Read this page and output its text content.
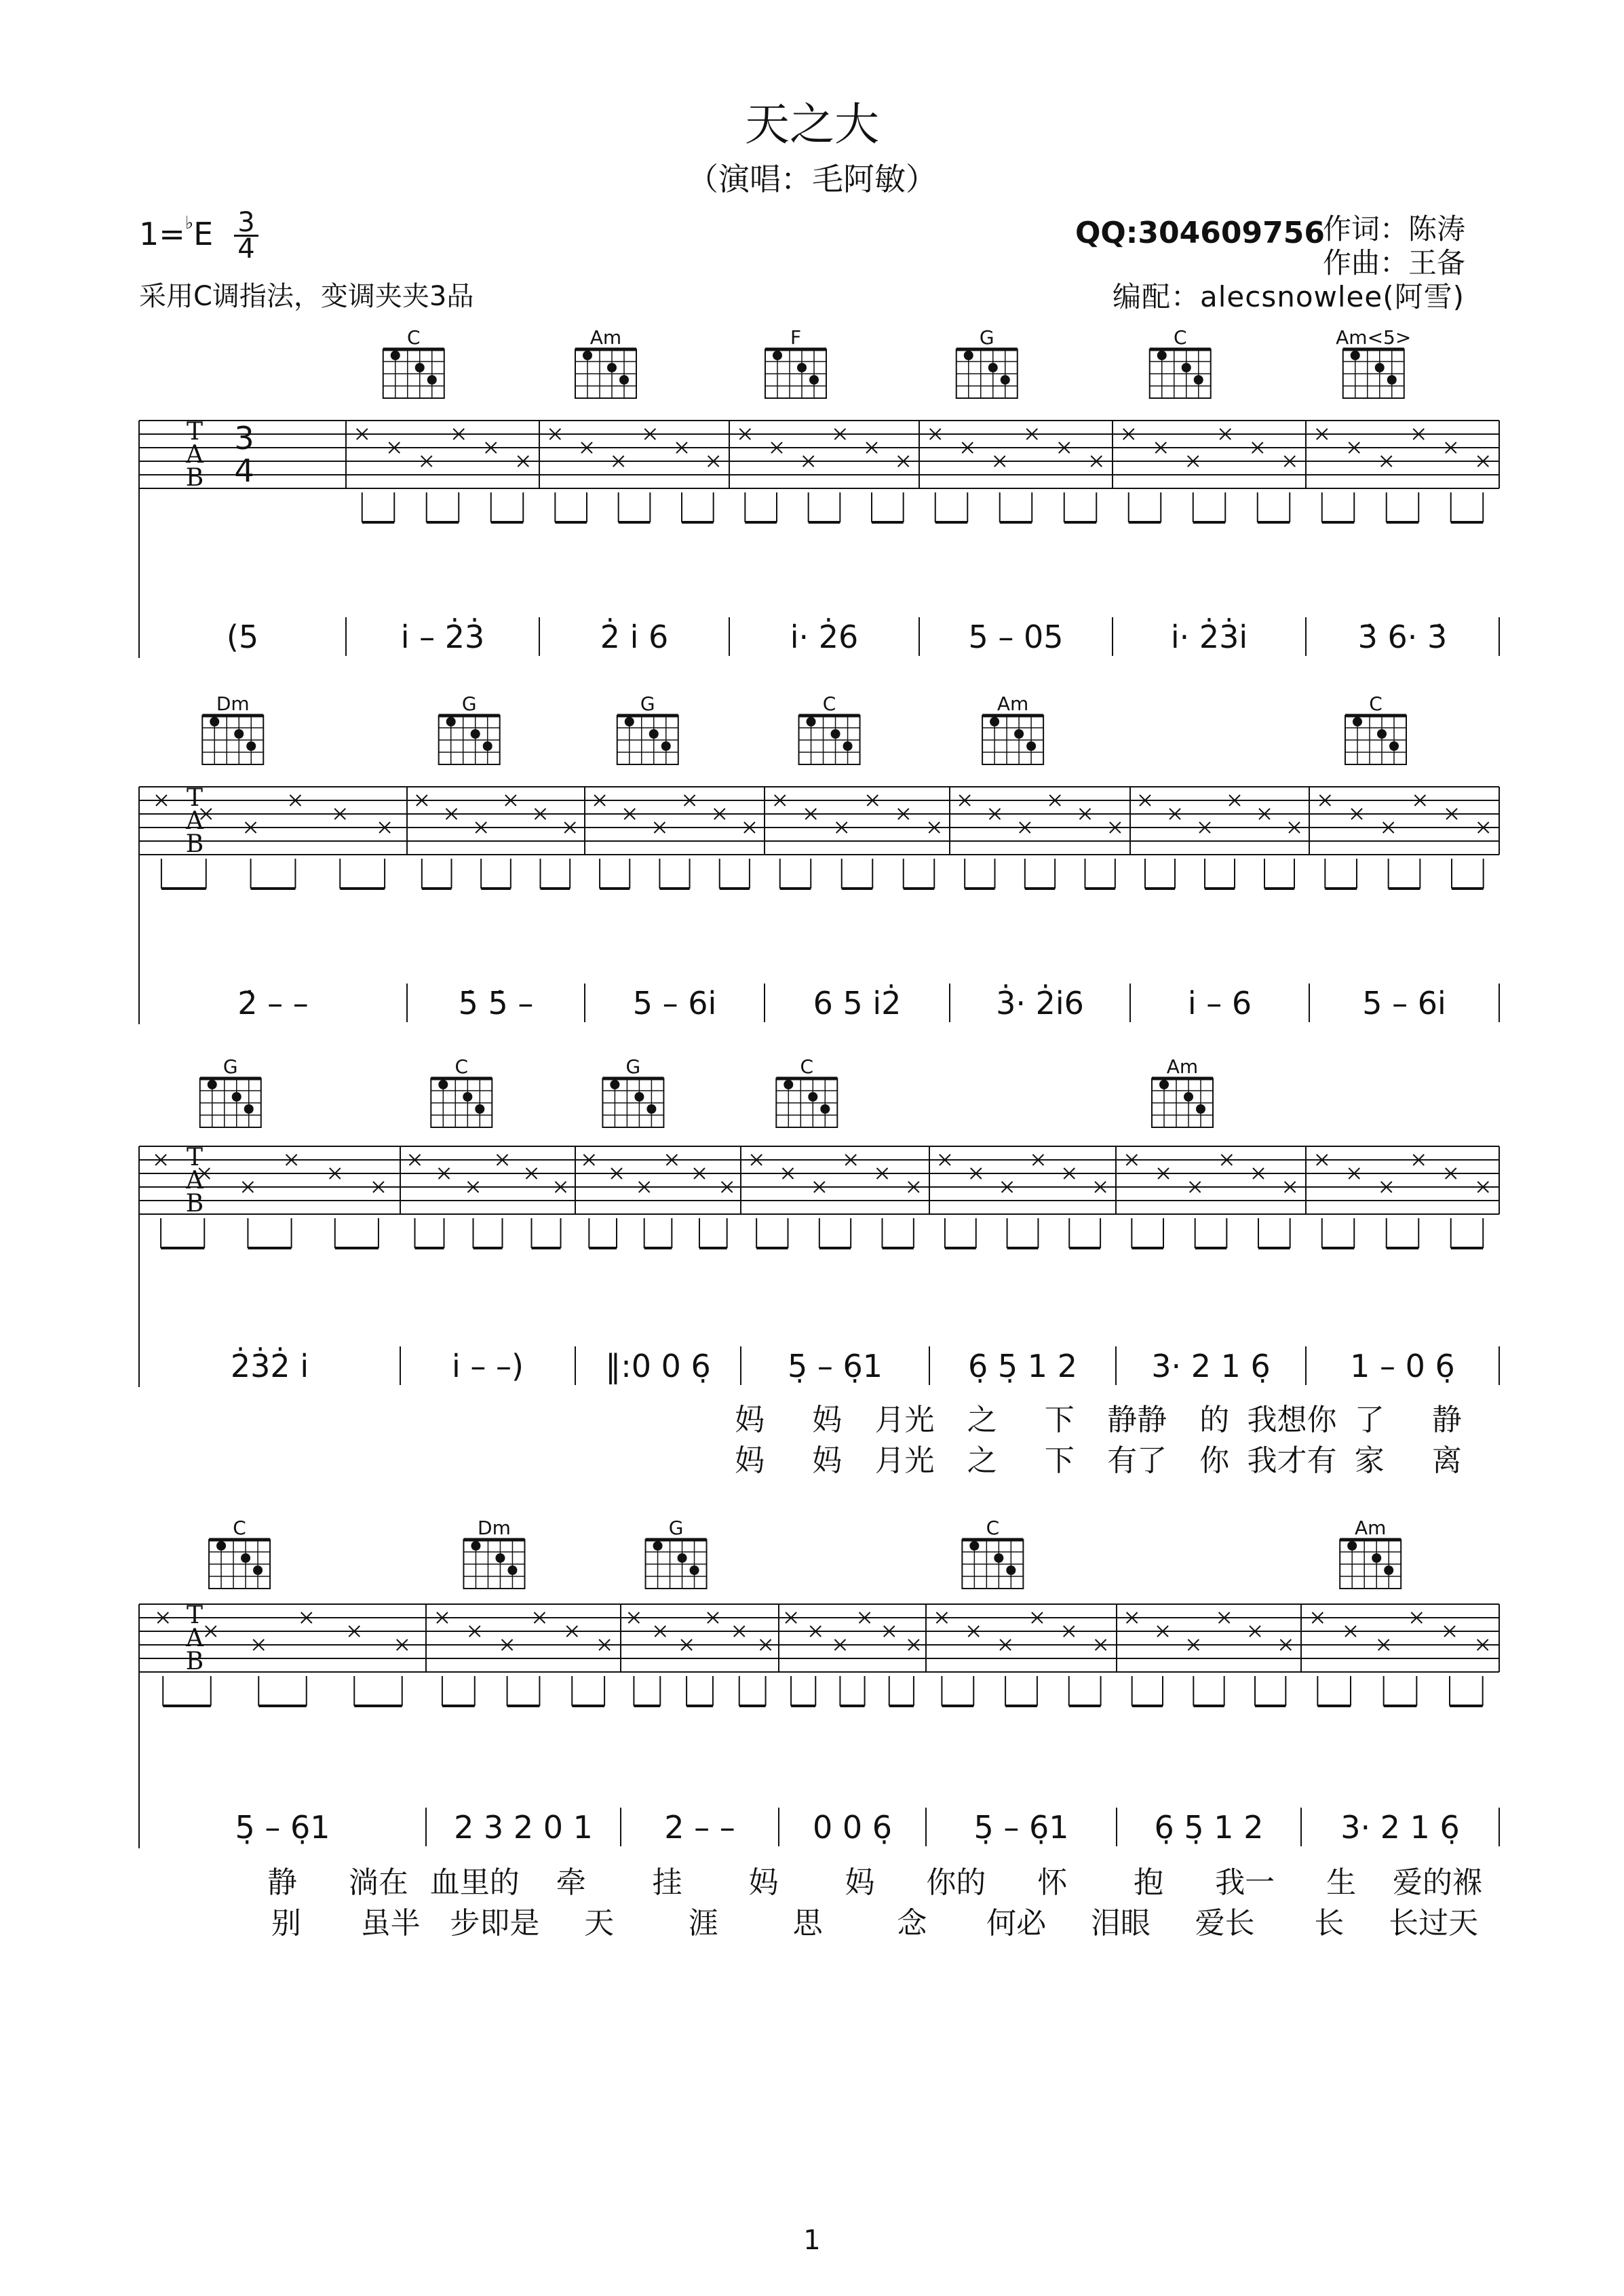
天之大
（演唱：毛阿敏）
1=♭E 3
4
采用C调指法，变调夹夹3品
QQ:304609756
作词：陈涛
作曲：王备
编配：alecsnowlee(阿雪)
T
A
B
3
4
C	Am	F	G	C	Am<5>
(5	i̇ – 2̇3̇	2̇ i̇ 6	i̇· 2̇6	5 – 05	i̇· 2̇3̇i̇	3̇ 6· 3̇
T
A
B
Dm	G	G	C	Am	C
2̇ – –	5̇ 5̇ –	5 – 6i̇	6 5 i̇2̇	3̇· 2̇i̇6	i̇ – 6	5 – 6i̇
T
A
B
G	C	G	C	Am
2̇3̇2̇ i̇	i̇ – –)	‖:0 0 6̣ 5̣ – 6̣1	6̣ 5̣ 1 2 3· 2 1 6̣	1 – 0 6̣
妈 妈 月光 之 下 静静 的 我想你 了 静
妈 妈 月光 之 下 有了 你 我才有 家 离
T
A
B
C	Dm	G	C	Am
5̣ – 6̣1	2 3 2 0 1 2 – – 0 0 6̣	5̣ – 6̣1	6̣ 5̣ 1 2 3· 2 1 6̣
静 淌在 血里的 牵 挂 妈 妈 你的 怀 抱 我一 生 爱的褓
别 虽半 步即是 天 涯 思 念 何必 泪眼 爱长 长 长过天
1
